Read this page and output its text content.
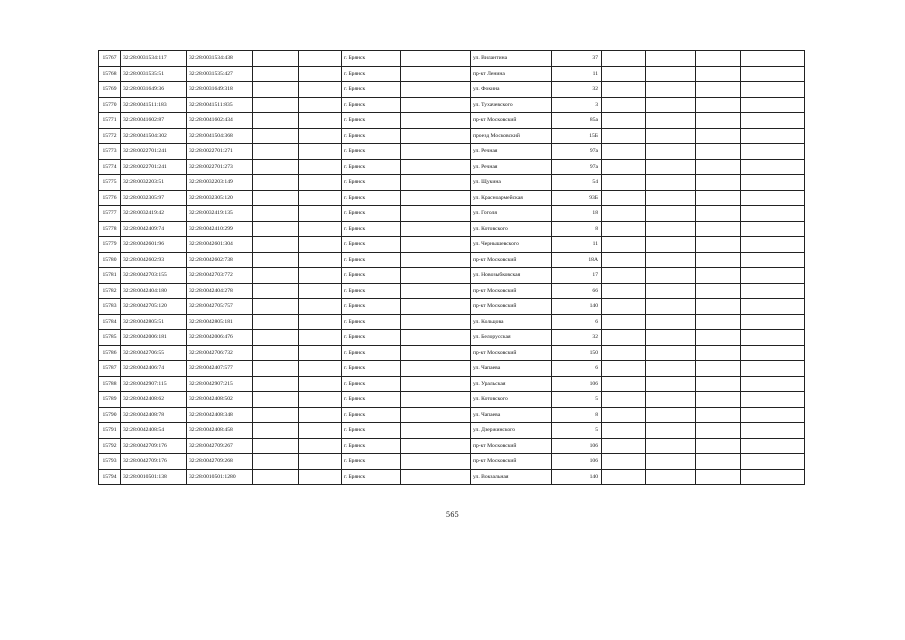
15767	32:28:0031534:117	32:28:0031534:438			г. Брянск		ул. Вилантина	37				
15768	32:28:0031535:51	32:28:0031535:427			г. Брянск		пр-кт Ленина	11				
15769	32:28:0031649:36	32:28:0031649:318			г. Брянск		ул. Фокина	32				
15770	32:28:0041511:183	32:28:0041511:835			г. Брянск		ул. Тухачевского	3				
15771	32:28:0041602:87	32:28:0041602:434			г. Брянск		пр-кт Московский	85а				
15772	32:28:0041504:302	32:28:0041504:368			г. Брянск		проезд Московский	15Б				
15773	32:28:0022701:241	32:28:0022701:271			г. Брянск		ул. Речная	97а				
15774	32:28:0022701:241	32:28:0022701:273			г. Брянск		ул. Речная	97а				
15775	32:28:0032203:51	32:28:0032203:149			г. Брянск		ул. Щукина	54				
15776	32:28:0032305:97	32:28:0032305:120			г. Брянск		ул. Красноармейская	93Б				
15777	32:28:0032419:42	32:28:0032419:135			г. Брянск		ул. Гоголя	18				
15778	32:28:0042409:74	32:28:0042410:299			г. Брянск		ул. Котовского	8				
15779	32:28:0042601:96	32:28:0042601:304			г. Брянск		ул. Чернышевского	11				
15780	32:28:0042602:93	32:28:0042602:738			г. Брянск		пр-кт Московский	18А				
15781	32:28:0042703:155	32:28:0042703:772			г. Брянск		ул. Новозыбковская	17				
15782	32:28:0042404:180	32:28:0042404:278			г. Брянск		пр-кт Московский	66				
15783	32:28:0042705:120	32:28:0042705:757			г. Брянск		пр-кт Московский	140				
15784	32:28:0042805:51	32:28:0042805:181			г. Брянск		ул. Кольцова	6				
15785	32:28:0042006:181	32:28:0042006:476			г. Брянск		ул. Белорусская	32				
15786	32:28:0042706:55	32:28:0042706:732			г. Брянск		пр-кт Московский	150				
15787	32:28:0042406:74	32:28:0042407:577			г. Брянск		ул. Чапаева	6				
15788	32:28:0042907:115	32:28:0042907:215			г. Брянск		ул. Уральская	106				
15789	32:28:0042408:62	32:28:0042408:502			г. Брянск		ул. Котовского	5				
15790	32:28:0042408:78	32:28:0042408:348			г. Брянск		ул. Чапаева	8				
15791	32:28:0042408:54	32:28:0042408:458			г. Брянск		ул. Дзержинского	5				
15792	32:28:0042709:176	32:28:0042709:267			г. Брянск		пр-кт Московский	106				
15793	32:28:0042709:176	32:28:0042709:268			г. Брянск		пр-кт Московский	106				
15794	32:28:0010501:138	32:28:0010501:1280			г. Брянск		ул. Вокзальная	140				
565
